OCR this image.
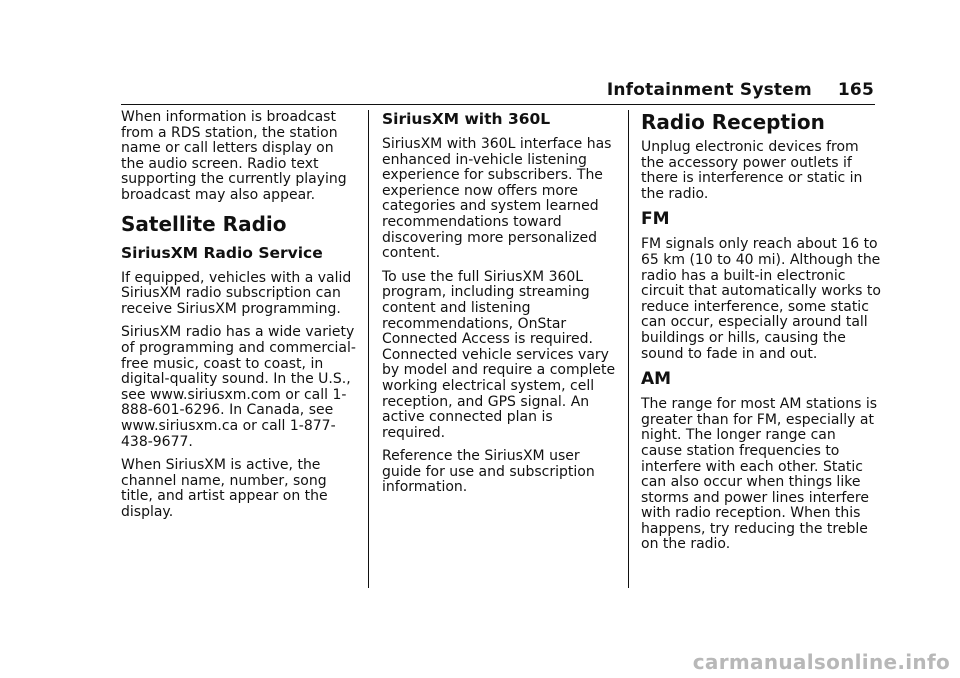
Infotainment System 165

When information is broadcast from a RDS station, the station name or call letters display on the audio screen. Radio text supporting the currently playing broadcast may also appear.

Satellite Radio
SiriusXM Radio Service

If equipped, vehicles with a valid SiriusXM radio subscription can receive SiriusXM programming.

SiriusXM radio has a wide variety of programming and commercial-free music, coast to coast, in digital-quality sound. In the U.S., see www.siriusxm.com or call 1-888-601-6296. In Canada, see www.siriusxm.ca or call 1-877-438-9677.

When SiriusXM is active, the channel name, number, song title, and artist appear on the display.

SiriusXM with 360L

SiriusXM with 360L interface has enhanced in-vehicle listening experience for subscribers. The experience now offers more categories and system learned recommendations toward discovering more personalized content.

To use the full SiriusXM 360L program, including streaming content and listening recommendations, OnStar Connected Access is required. Connected vehicle services vary by model and require a complete working electrical system, cell reception, and GPS signal. An active connected plan is required.

Reference the SiriusXM user guide for use and subscription information.

Radio Reception

Unplug electronic devices from the accessory power outlets if there is interference or static in the radio.

FM

FM signals only reach about 16 to 65 km (10 to 40 mi). Although the radio has a built-in electronic circuit that automatically works to reduce interference, some static can occur, especially around tall buildings or hills, causing the sound to fade in and out.

AM

The range for most AM stations is greater than for FM, especially at night. The longer range can cause station frequencies to interfere with each other. Static can also occur when things like storms and power lines interfere with radio reception. When this happens, try reducing the treble on the radio.

carmanualsonline.info
